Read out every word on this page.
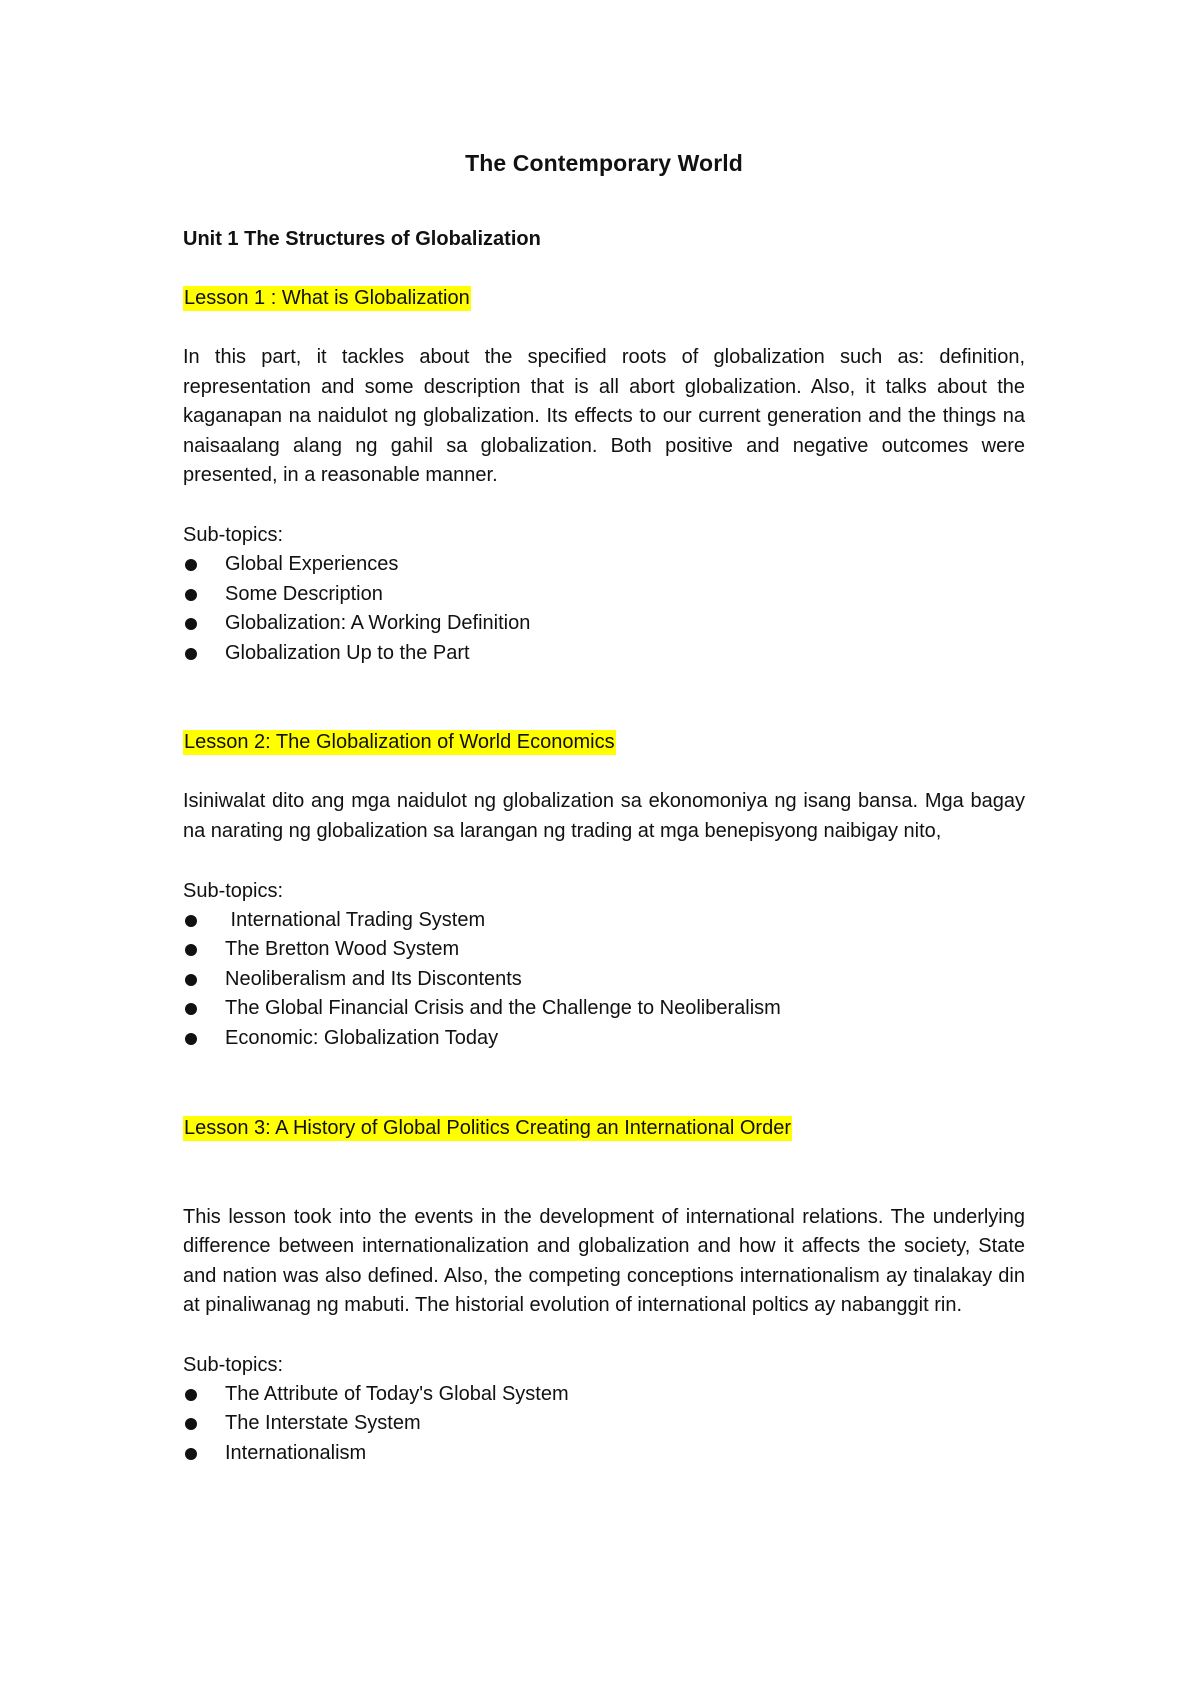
The Contemporary World
Unit 1 The Structures of Globalization
Lesson 1 : What is Globalization

In this part, it tackles about the specified roots of globalization such as: definition, representation and some description that is all abort globalization. Also, it talks about the kaganapan na naidulot ng globalization. Its effects to our current generation and the things na naisaalang alang ng gahil sa globalization. Both positive and negative outcomes were presented, in a reasonable manner.

Sub-topics:
Global Experiences
Some Description
Globalization: A Working Definition
Globalization Up to the Part
Lesson 2: The Globalization of World Economics

Isiniwalat dito ang mga naidulot ng globalization sa ekonomoniya ng isang bansa. Mga bagay na narating ng globalization sa larangan ng trading at mga benepisyong naibigay nito,

Sub-topics:
International Trading System
The Bretton Wood System
Neoliberalism and Its Discontents
The Global Financial Crisis and the Challenge to Neoliberalism
Economic: Globalization Today
Lesson 3: A History of Global Politics Creating an International Order

This lesson took into the events in the development of international relations. The underlying difference between internationalization and globalization and how it affects the society, State and nation was also defined. Also, the competing conceptions internationalism ay tinalakay din at pinaliwanag ng mabuti. The historial evolution of international poltics ay nabanggit rin.

Sub-topics:
The Attribute of Today's Global System
The Interstate System
Internationalism
